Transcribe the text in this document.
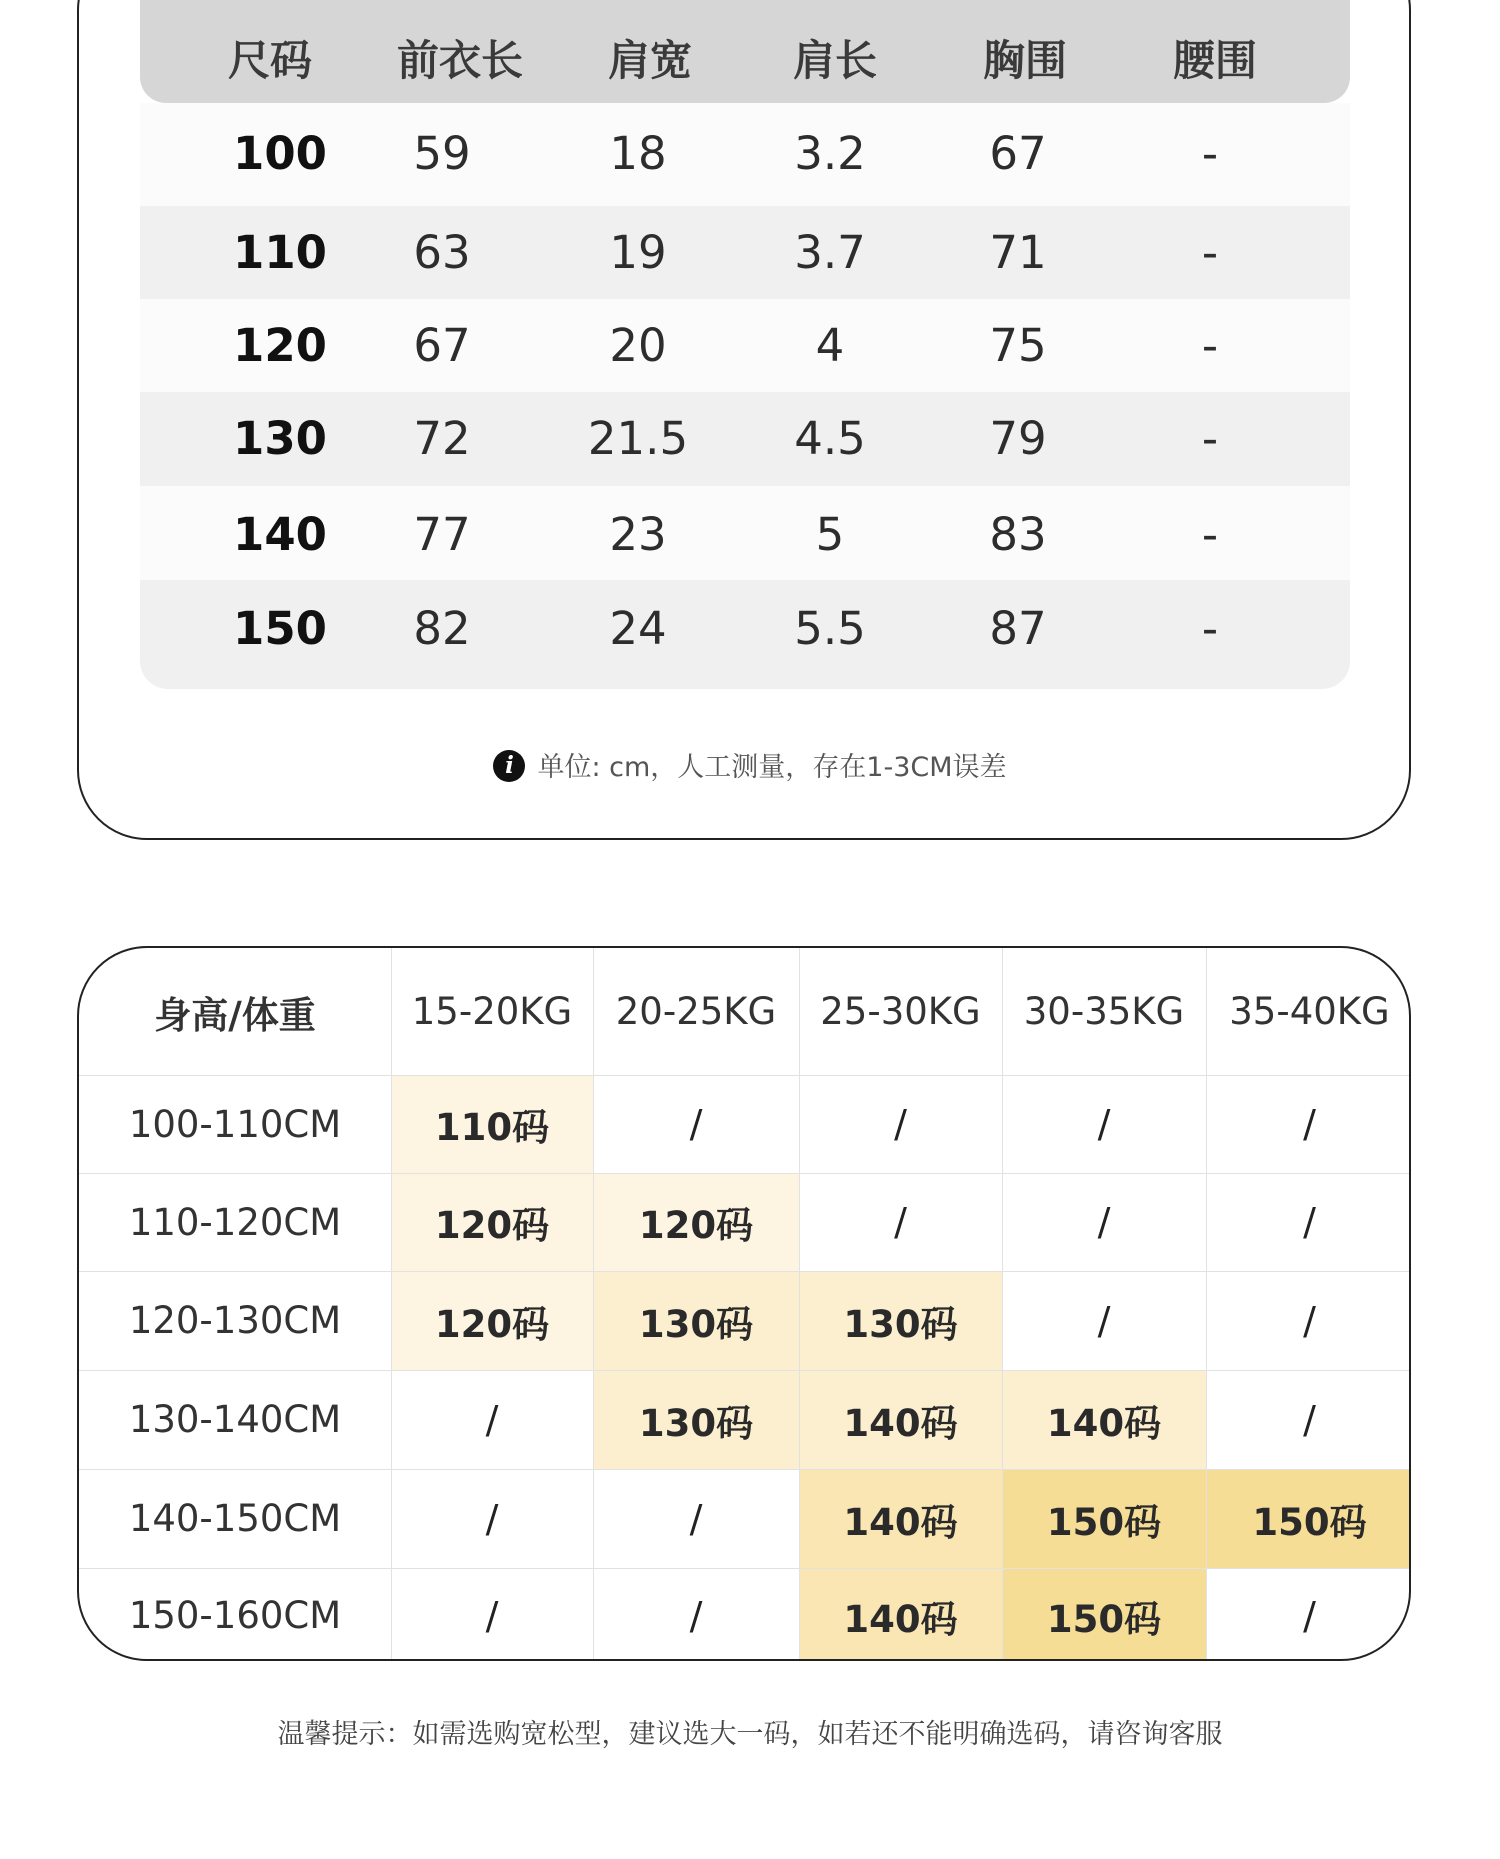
尺码	前衣长	肩宽	肩长	胸围	腰围
100	59	18	3.2	67	-
110	63	19	3.7	71	-
120	67	20	4	75	-
130	72	21.5	4.5	79	-
140	77	23	5	83	-
150	82	24	5.5	87	-
i 单位: cm，人工测量，存在1-3CM误差
身高/体重	15-20KG	20-25KG	25-30KG	30-35KG	35-40KG
100-110CM	110码	/	/	/	/
110-120CM	120码	120码	/	/	/
120-130CM	120码	130码	130码	/	/
130-140CM	/	130码	140码	140码	/
140-150CM	/	/	140码	150码	150码
150-160CM	/	/	140码	150码	/
温馨提示：如需选购宽松型，建议选大一码，如若还不能明确选码，请咨询客服
